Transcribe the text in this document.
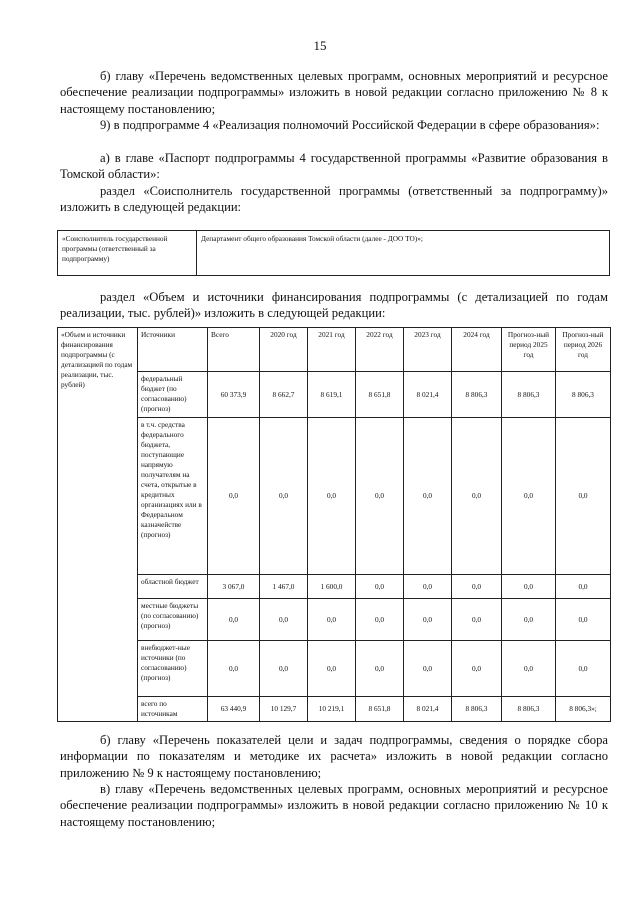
15

б) главу «Перечень ведомственных целевых программ, основных мероприятий и ресурсное обеспечение реализации подпрограммы» изложить в новой редакции согласно приложению № 8 к настоящему постановлению;

9) в подпрограмме 4 «Реализация полномочий Российской Федерации в сфере образования»:

а) в главе «Паспорт подпрограммы 4 государственной программы «Развитие образования в Томской области»:

раздел «Соисполнитель государственной программы (ответственный за подпрограмму)» изложить в следующей редакции:

«Соисполнитель государственной программы (ответственный за подпрограмму)	Департамент общего образования Томской области (далее - ДОО ТО)»;

раздел «Объем и источники финансирования подпрограммы (с детализацией по годам реализации, тыс. рублей)» изложить в следующей редакции:

«Объем и источники финансирования подпрограммы (с детализацией по годам реализации, тыс. рублей)	Источники	Всего	2020 год	2021 год	2022 год	2023 год	2024 год	Прогноз-ный период 2025 год	Прогноз-ный период 2026 год
	федеральный бюджет (по согласованию) (прогноз)	60 373,9	8 662,7	8 619,1	8 651,8	8 021,4	8 806,3	8 806,3	8 806,3
	в т.ч. средства федерального бюджета, поступающие напрямую получателям на счета, открытые в кредитных организациях или в Федеральном казначействе (прогноз)	0,0	0,0	0,0	0,0	0,0	0,0	0,0	0,0
	областной бюджет	3 067,0	1 467,0	1 600,0	0,0	0,0	0,0	0,0	0,0
	местные бюджеты (по согласованию) (прогноз)	0,0	0,0	0,0	0,0	0,0	0,0	0,0	0,0
	внебюджет-ные источники (по согласованию) (прогноз)	0,0	0,0	0,0	0,0	0,0	0,0	0,0	0,0
	всего по источникам	63 440,9	10 129,7	10 219,1	8 651,8	8 021,4	8 806,3	8 806,3	8 806,3»;

б) главу «Перечень показателей цели и задач подпрограммы, сведения о порядке сбора информации по показателям и методике их расчета» изложить в новой редакции согласно приложению № 9 к настоящему постановлению;

в) главу «Перечень ведомственных целевых программ, основных мероприятий и ресурсное обеспечение реализации подпрограммы» изложить в новой редакции согласно приложению № 10 к настоящему постановлению;
